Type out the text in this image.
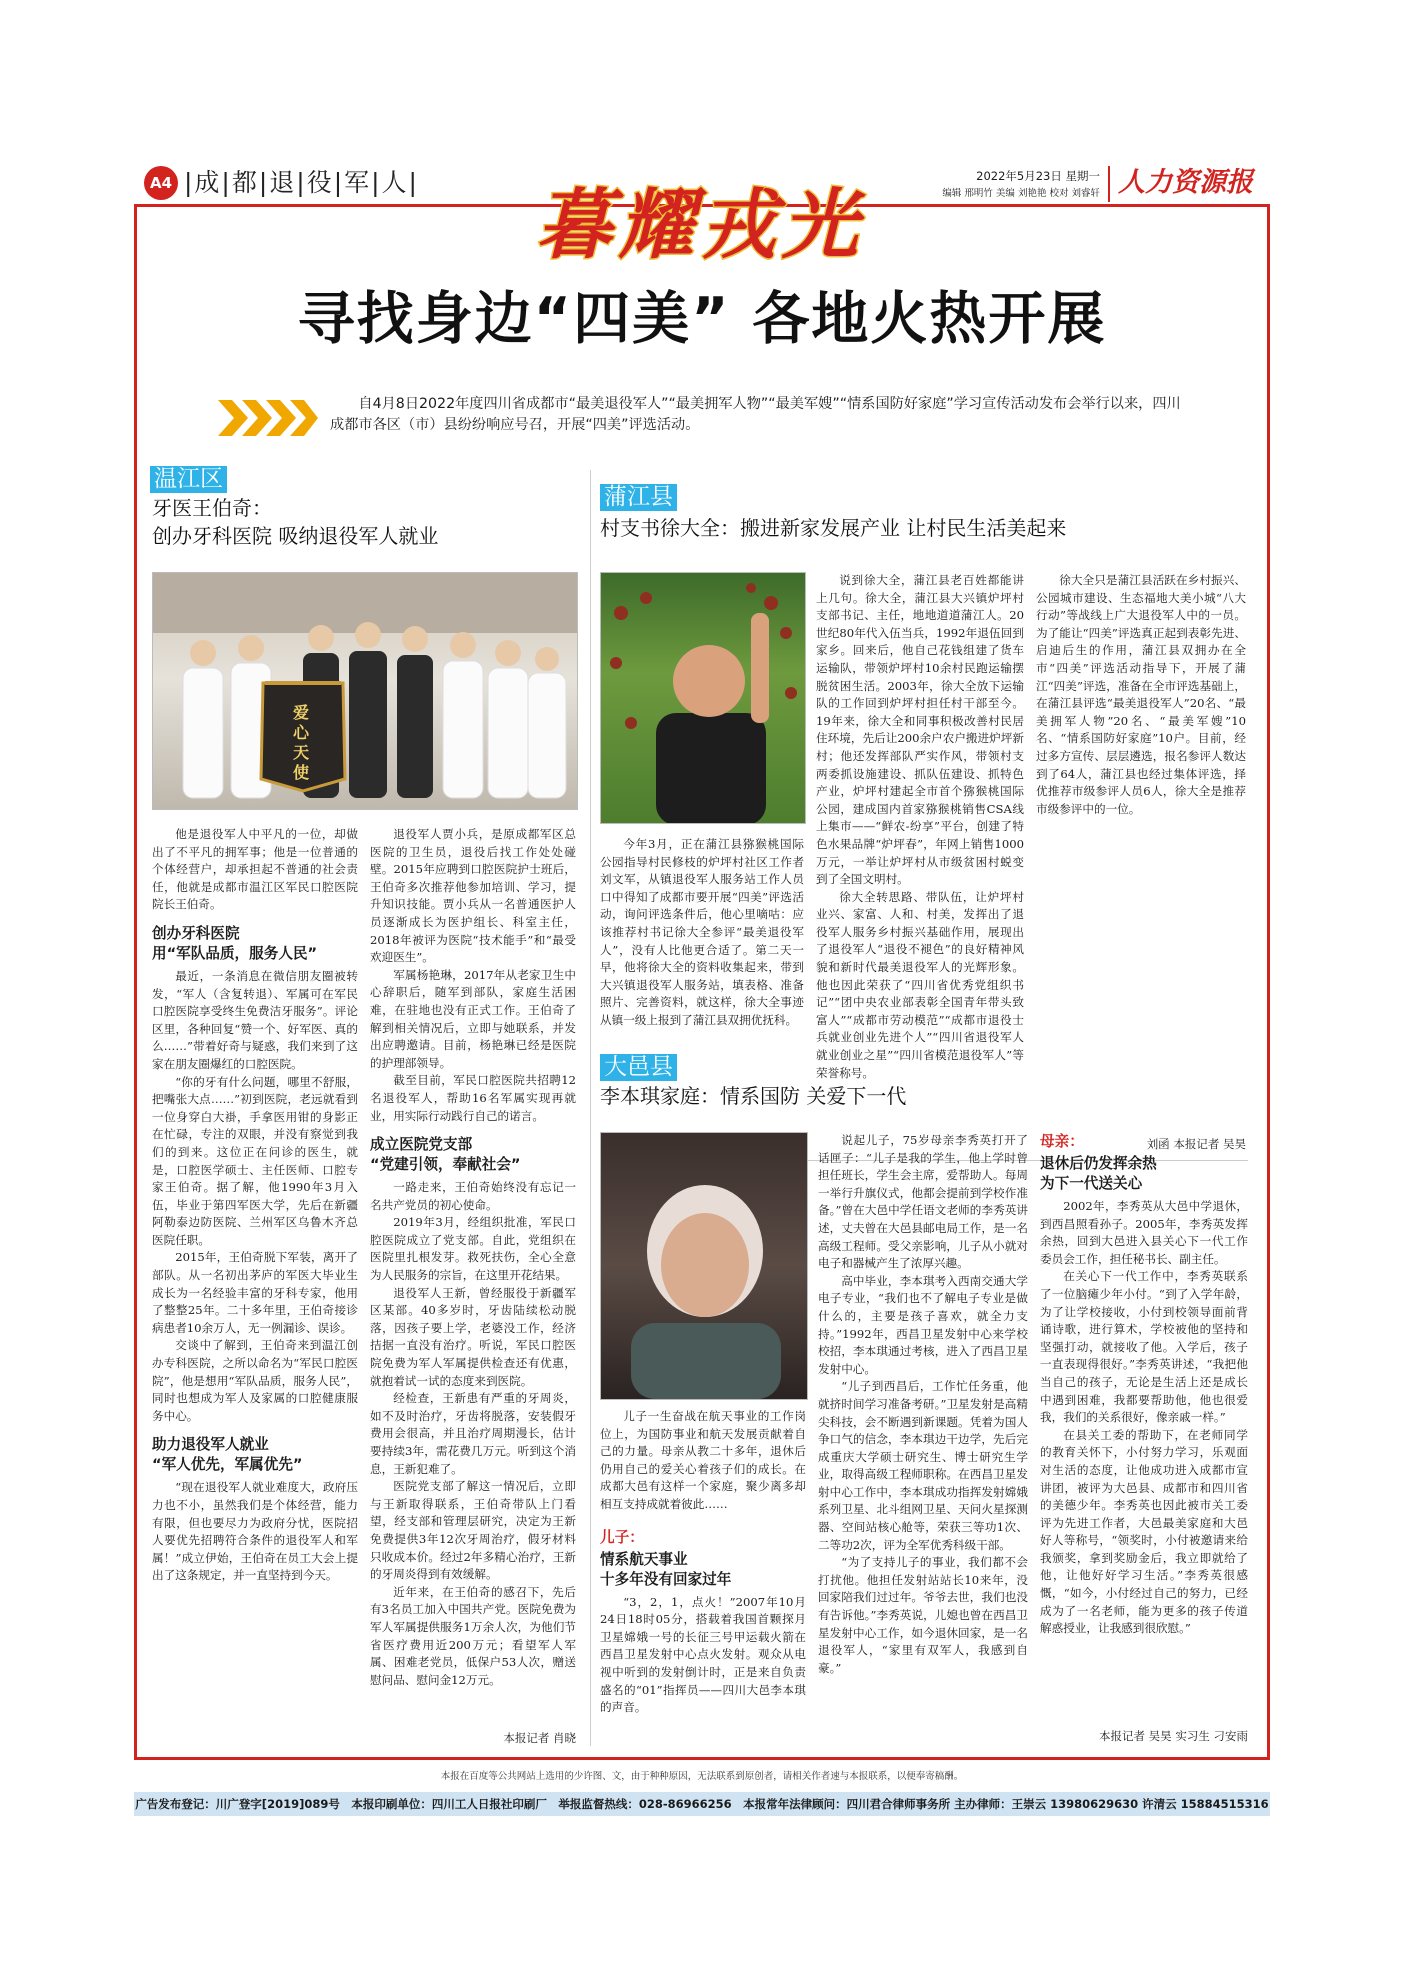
A4 |成|都|退|役|军|人|	2022年5月23日 星期一
编辑 邢明竹 美编 刘艳艳 校对 刘睿轩 人力资源报
暮耀戎光
寻找身边“四美” 各地火热开展
自4月8日2022年度四川省成都市“最美退役军人”“最美拥军人物”“最美军嫂”“情系国防好家庭”学习宣传活动发布会举行以来，四川成都市各区（市）县纷纷响应号召，开展“四美”评选活动。
温江区
牙医王伯奇：
创办牙科医院 吸纳退役军人就业
爱心天使

他是退役军人中平凡的一位，却做出了不平凡的拥军事；他是一位普通的个体经营户，却承担起不普通的社会责任，他就是成都市温江区军民口腔医院院长王伯奇。

创办牙科医院
用“军队品质，服务人民”

最近，一条消息在微信朋友圈被转发，“军人（含复转退）、军属可在军民口腔医院享受终生免费洁牙服务”。评论区里，各种回复“赞一个、好军医、真的么……”带着好奇与疑惑，我们来到了这家在朋友圈爆红的口腔医院。

“你的牙有什么问题，哪里不舒服，把嘴张大点……”初到医院，老远就看到一位身穿白大褂，手拿医用钳的身影正在忙碌，专注的双眼，并没有察觉到我们的到来。这位正在问诊的医生，就是，口腔医学硕士、主任医师、口腔专家王伯奇。据了解，他1990年3月入伍，毕业于第四军医大学，先后在新疆阿勒泰边防医院、兰州军区乌鲁木齐总医院任职。

2015年，王伯奇脱下军装，离开了部队。从一名初出茅庐的军医大毕业生成长为一名经验丰富的牙科专家，他用了整整25年。二十多年里，王伯奇接诊病患者10余万人，无一例漏诊、误诊。

交谈中了解到，王伯奇来到温江创办专科医院，之所以命名为“军民口腔医院”，他是想用“军队品质，服务人民”，同时也想成为军人及家属的口腔健康服务中心。

助力退役军人就业
“军人优先，军属优先”

“现在退役军人就业难度大，政府压力也不小，虽然我们是个体经营，能力有限，但也要尽力为政府分忧，医院招人要优先招聘符合条件的退役军人和军属！”成立伊始，王伯奇在员工大会上提出了这条规定，并一直坚持到今天。

退役军人贾小兵，是原成都军区总医院的卫生员，退役后找工作处处碰壁。2015年应聘到口腔医院护士班后，王伯奇多次推荐他参加培训、学习，提升知识技能。贾小兵从一名普通医护人员逐渐成长为医护组长、科室主任，2018年被评为医院“技术能手”和“最受欢迎医生”。

军属杨艳琳，2017年从老家卫生中心辞职后，随军到部队，家庭生活困难，在驻地也没有正式工作。王伯奇了解到相关情况后，立即与她联系，并发出应聘邀请。目前，杨艳琳已经是医院的护理部领导。

截至目前，军民口腔医院共招聘12名退役军人，帮助16名军属实现再就业，用实际行动践行自己的诺言。

成立医院党支部
“党建引领，奉献社会”

一路走来，王伯奇始终没有忘记一名共产党员的初心使命。

2019年3月，经组织批准，军民口腔医院成立了党支部。自此，党组织在医院里扎根发芽。救死扶伤，全心全意为人民服务的宗旨，在这里开花结果。

退役军人王新，曾经服役于新疆军区某部。40多岁时，牙齿陆续松动脱落，因孩子要上学，老婆没工作，经济拮据一直没有治疗。听说，军民口腔医院免费为军人军属提供检查还有优惠，就抱着试一试的态度来到医院。

经检查，王新患有严重的牙周炎，如不及时治疗，牙齿将脱落，安装假牙费用会很高，并且治疗周期漫长，估计要持续3年，需花费几万元。听到这个消息，王新犯难了。

医院党支部了解这一情况后，立即与王新取得联系，王伯奇带队上门看望，经支部和管理层研究，决定为王新免费提供3年12次牙周治疗，假牙材料只收成本价。经过2年多精心治疗，王新的牙周炎得到有效缓解。

近年来，在王伯奇的感召下，先后有3名员工加入中国共产党。医院免费为军人军属提供服务1万余人次，为他们节省医疗费用近200万元；看望军人军属、困难老党员，低保户53人次，赠送慰问品、慰问金12万元。

本报记者 肖晓
蒲江县
村支书徐大全：搬进新家发展产业 让村民生活美起来

今年3月，正在蒲江县猕猴桃国际公园指导村民修枝的炉坪村社区工作者刘文军，从镇退役军人服务站工作人员口中得知了成都市要开展“四美”评选活动，询问评选条件后，他心里嘀咕：应该推荐村书记徐大全参评“最美退役军人”，没有人比他更合适了。第二天一早，他将徐大全的资料收集起来，带到大兴镇退役军人服务站，填表格、准备照片、完善资料，就这样，徐大全事迹从镇一级上报到了蒲江县双拥优抚科。

说到徐大全，蒲江县老百姓都能讲上几句。徐大全，蒲江县大兴镇炉坪村支部书记、主任，地地道道蒲江人。20世纪80年代入伍当兵，1992年退伍回到家乡。回来后，他自己花钱组建了货车运输队，带领炉坪村10余村民跑运输摆脱贫困生活。2003年，徐大全放下运输队的工作回到炉坪村担任村干部至今。19年来，徐大全和同事积极改善村民居住环境，先后让200余户农户搬进炉坪新村；他还发挥部队严实作风，带领村支两委抓设施建设、抓队伍建设、抓特色产业，炉坪村建起全市首个猕猴桃国际公园，建成国内首家猕猴桃销售CSA线上集市——“鲜农-纷享”平台，创建了特色水果品牌“炉坪春”，年网上销售1000万元，一举让炉坪村从市级贫困村蜕变到了全国文明村。

徐大全转思路、带队伍，让炉坪村业兴、家富、人和、村美，发挥出了退役军人服务乡村振兴基础作用，展现出了退役军人“退役不褪色”的良好精神风貌和新时代最美退役军人的光辉形象。他也因此荣获了“四川省优秀党组织书记”“团中央农业部表彰全国青年带头致富人”“成都市劳动模范”“成都市退役士兵就业创业先进个人”“四川省退役军人就业创业之星”“四川省模范退役军人”等荣誉称号。

徐大全只是蒲江县活跃在乡村振兴、公园城市建设、生态福地大美小城“八大行动”等战线上广大退役军人中的一员。为了能让“四美”评选真正起到表彰先进、启迪后生的作用，蒲江县双拥办在全市“四美”评选活动指导下，开展了蒲江“四美”评选，准备在全市评选基础上，在蒲江县评选“最美退役军人”20名、“最美拥军人物”20名、“最美军嫂”10名、“情系国防好家庭”10户。目前，经过多方宣传、层层遴选，报名参评人数达到了64人，蒲江县也经过集体评选，择优推荐市级参评人员6人，徐大全是推荐市级参评中的一位。

刘函 本报记者 吴昊
大邑县
李本琪家庭：情系国防 关爱下一代

儿子一生奋战在航天事业的工作岗位上，为国防事业和航天发展贡献着自己的力量。母亲从教二十多年，退休后仍用自己的爱关心着孩子们的成长。在成都大邑有这样一个家庭，聚少离多却相互支持成就着彼此……

儿子：
情系航天事业
十多年没有回家过年

“3，2，1，点火！”2007年10月24日18时05分，搭载着我国首颗探月卫星嫦娥一号的长征三号甲运载火箭在西昌卫星发射中心点火发射。观众从电视中听到的发射倒计时，正是来自负责盛名的“01”指挥员——四川大邑李本琪的声音。

说起儿子，75岁母亲李秀英打开了话匣子：“儿子是我的学生，他上学时曾担任班长，学生会主席，爱帮助人。每周一举行升旗仪式，他都会提前到学校作准备。”曾在大邑中学任语文老师的李秀英讲述，丈夫曾在大邑县邮电局工作，是一名高级工程师。受父亲影响，儿子从小就对电子和器械产生了浓厚兴趣。

高中毕业，李本琪考入西南交通大学电子专业，“我们也不了解电子专业是做什么的，主要是孩子喜欢，就全力支持。”1992年，西昌卫星发射中心来学校校招，李本琪通过考核，进入了西昌卫星发射中心。

“儿子到西昌后，工作忙任务重，他就挤时间学习准备考研。”卫星发射是高精尖科技，会不断遇到新课题。凭着为国人争口气的信念，李本琪边干边学，先后完成重庆大学硕士研究生、博士研究生学业，取得高级工程师职称。在西昌卫星发射中心工作中，李本琪成功指挥发射嫦娥系列卫星、北斗组网卫星、天问火星探测器、空间站核心舱等，荣获三等功1次、二等功2次，评为全军优秀科级干部。

“为了支持儿子的事业，我们都不会打扰他。他担任发射站站长10来年，没回家陪我们过过年。爷爷去世，我们也没有告诉他。”李秀英说，儿媳也曾在西昌卫星发射中心工作，如今退休回家，是一名退役军人，“家里有双军人，我感到自豪。”

母亲：
退休后仍发挥余热
为下一代送关心

2002年，李秀英从大邑中学退休，到西昌照看孙子。2005年，李秀英发挥余热，回到大邑进入县关心下一代工作委员会工作，担任秘书长、副主任。

在关心下一代工作中，李秀英联系了一位脑瘫少年小付。“到了入学年龄，为了让学校接收，小付到校领导面前背诵诗歌，进行算术，学校被他的坚持和坚强打动，就接收了他。入学后，孩子一直表现得很好。”李秀英讲述，“我把他当自己的孩子，无论是生活上还是成长中遇到困难，我都要帮助他，他也很爱我，我们的关系很好，像亲戚一样。”

在县关工委的帮助下，在老师同学的教育关怀下，小付努力学习，乐观面对生活的态度，让他成功进入成都市宣讲团，被评为大邑县、成都市和四川省的美德少年。李秀英也因此被市关工委评为先进工作者，大邑最美家庭和大邑好人等称号，“领奖时，小付被邀请来给我颁奖，拿到奖励金后，我立即就给了他，让他好好学习生活。”李秀英很感慨，“如今，小付经过自己的努力，已经成为了一名老师，能为更多的孩子传道解惑授业，让我感到很欣慰。”

本报记者 吴昊 实习生 刁安雨
本报在百度等公共网站上选用的少许图、文，由于种种原因，无法联系到原创者，请相关作者速与本报联系，以便奉寄稿酬。
广告发布登记：川广登字[2019]089号　本报印刷单位：四川工人日报社印刷厂　举报监督热线：028-86966256　本报常年法律顾问：四川君合律师事务所 主办律师：王崇云 13980629630 许清云 15884515316
